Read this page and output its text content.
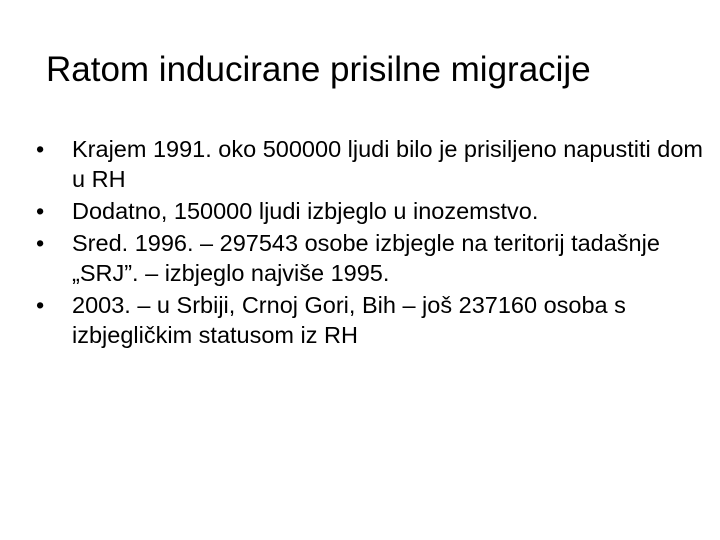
Ratom inducirane prisilne migracije
•	Krajem 1991. oko 500000 ljudi bilo je prisiljeno napustiti dom u RH
•	Dodatno, 150000 ljudi izbjeglo u inozemstvo.
•	Sred. 1996. – 297543 osobe izbjegle na teritorij tadašnje „SRJ”. – izbjeglo najviše 1995.
•	2003. – u Srbiji, Crnoj Gori, Bih – još 237160 osoba s izbjegličkim statusom iz RH
